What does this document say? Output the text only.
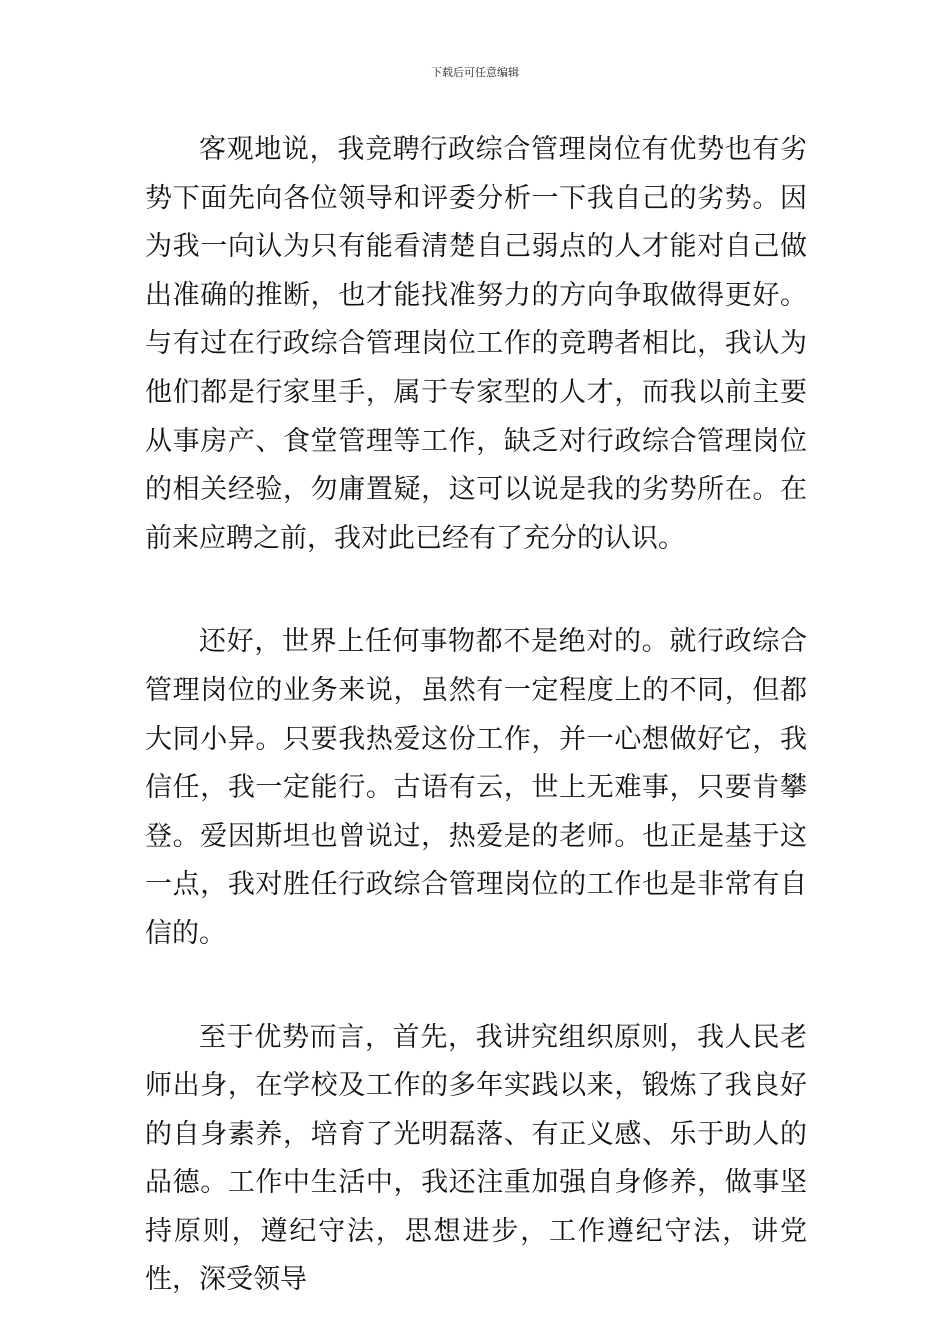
下载后可任意编辑

客观地说，我竞聘行政综合管理岗位有优势也有劣势下面先向各位领导和评委分析一下我自己的劣势。因为我一向认为只有能看清楚自己弱点的人才能对自己做出准确的推断，也才能找准努力的方向争取做得更好。与有过在行政综合管理岗位工作的竞聘者相比，我认为他们都是行家里手，属于专家型的人才，而我以前主要从事房产、食堂管理等工作，缺乏对行政综合管理岗位的相关经验，勿庸置疑，这可以说是我的劣势所在。在前来应聘之前，我对此已经有了充分的认识。

还好，世界上任何事物都不是绝对的。就行政综合管理岗位的业务来说，虽然有一定程度上的不同，但都大同小异。只要我热爱这份工作，并一心想做好它，我信任，我一定能行。古语有云，世上无难事，只要肯攀登。爱因斯坦也曾说过，热爱是的老师。也正是基于这一点，我对胜任行政综合管理岗位的工作也是非常有自信的。

至于优势而言，首先，我讲究组织原则，我人民老师出身，在学校及工作的多年实践以来，锻炼了我良好的自身素养，培育了光明磊落、有正义感、乐于助人的品德。工作中生活中，我还注重加强自身修养，做事坚持原则，遵纪守法，思想进步，工作遵纪守法，讲党性，深受领导
